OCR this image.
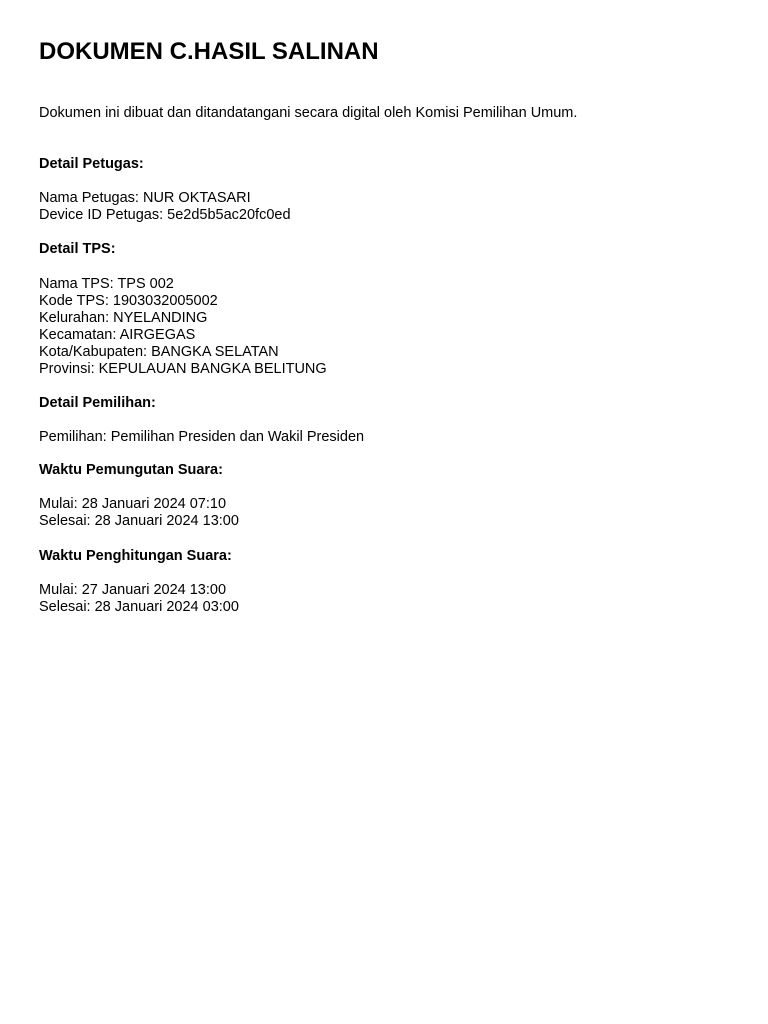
DOKUMEN C.HASIL SALINAN

Dokumen ini dibuat dan ditandatangani secara digital oleh Komisi Pemilihan Umum.

Detail Petugas:
Nama Petugas: NUR OKTASARI
Device ID Petugas: 5e2d5b5ac20fc0ed
Detail TPS:
Nama TPS: TPS 002
Kode TPS: 1903032005002
Kelurahan: NYELANDING
Kecamatan: AIRGEGAS
Kota/Kabupaten: BANGKA SELATAN
Provinsi: KEPULAUAN BANGKA BELITUNG
Detail Pemilihan:
Pemilihan: Pemilihan Presiden dan Wakil Presiden
Waktu Pemungutan Suara:
Mulai: 28 Januari 2024 07:10
Selesai: 28 Januari 2024 13:00
Waktu Penghitungan Suara:
Mulai: 27 Januari 2024 13:00
Selesai: 28 Januari 2024 03:00
